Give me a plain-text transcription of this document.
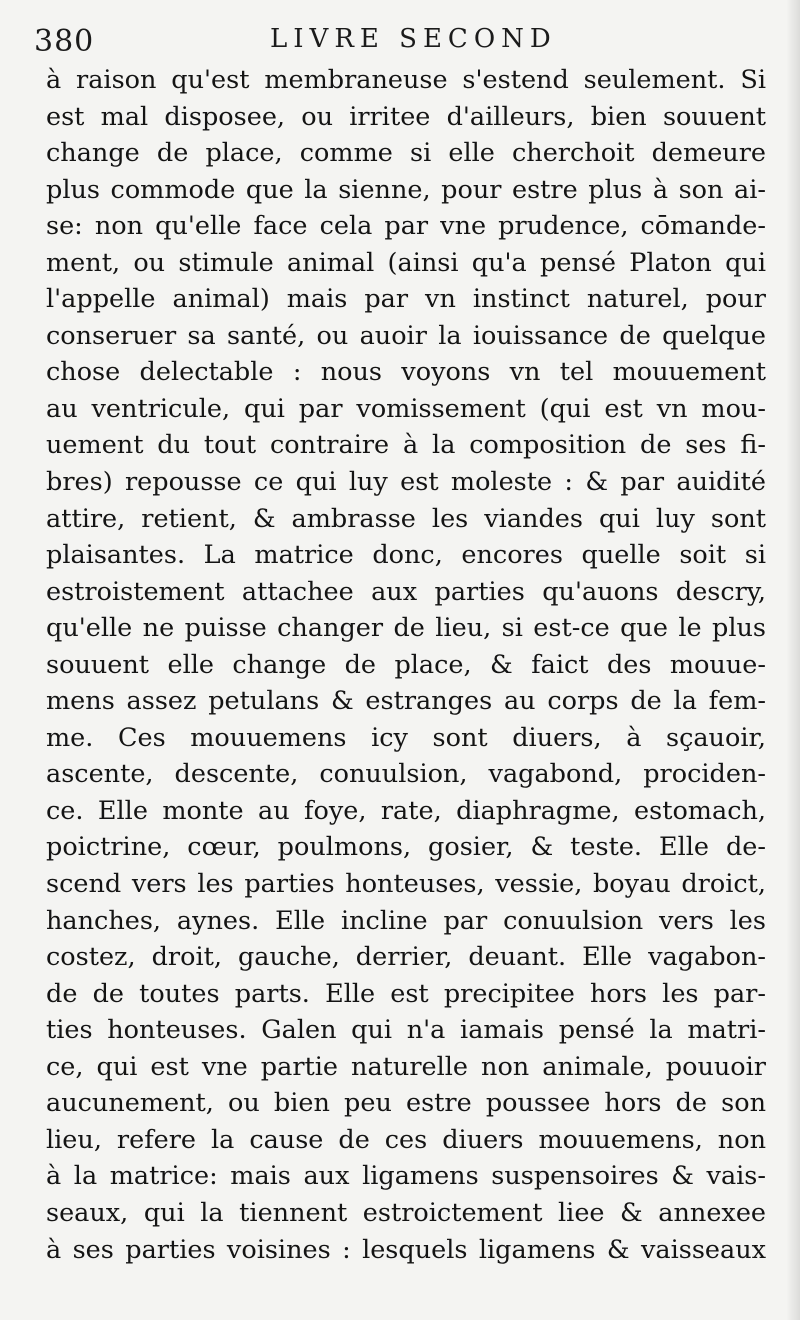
380	LIVRE SECOND
à raison qu'est membraneuse s'estend seulement. Si
est mal disposee, ou irritee d'ailleurs, bien souuent
change de place, comme si elle cherchoit demeure
plus commode que la sienne, pour estre plus à son ai-
se: non qu'elle face cela par vne prudence, cōmande-
ment, ou stimule animal (ainsi qu'a pensé Platon qui
l'appelle animal) mais par vn instinct naturel, pour
conseruer sa santé, ou auoir la iouissance de quelque
chose delectable : nous voyons vn tel mouuement
au ventricule, qui par vomissement (qui est vn mou-
uement du tout contraire à la composition de ses fi-
bres) repousse ce qui luy est moleste : & par auidité
attire, retient, & ambrasse les viandes qui luy sont
plaisantes. La matrice donc, encores quelle soit si
estroistement attachee aux parties qu'auons descry,
qu'elle ne puisse changer de lieu, si est-ce que le plus
souuent elle change de place, & faict des mouue-
mens assez petulans & estranges au corps de la fem-
me. Ces mouuemens icy sont diuers, à sçauoir,
ascente, descente, conuulsion, vagabond, prociden-
ce. Elle monte au foye, rate, diaphragme, estomach,
poictrine, cœur, poulmons, gosier, & teste. Elle de-
scend vers les parties honteuses, vessie, boyau droict,
hanches, aynes. Elle incline par conuulsion vers les
costez, droit, gauche, derrier, deuant. Elle vagabon-
de de toutes parts. Elle est precipitee hors les par-
ties honteuses. Galen qui n'a iamais pensé la matri-
ce, qui est vne partie naturelle non animale, pouuoir
aucunement, ou bien peu estre poussee hors de son
lieu, refere la cause de ces diuers mouuemens, non
à la matrice: mais aux ligamens suspensoires & vais-
seaux, qui la tiennent estroictement liee & annexee
à ses parties voisines : lesquels ligamens & vaisseaux
